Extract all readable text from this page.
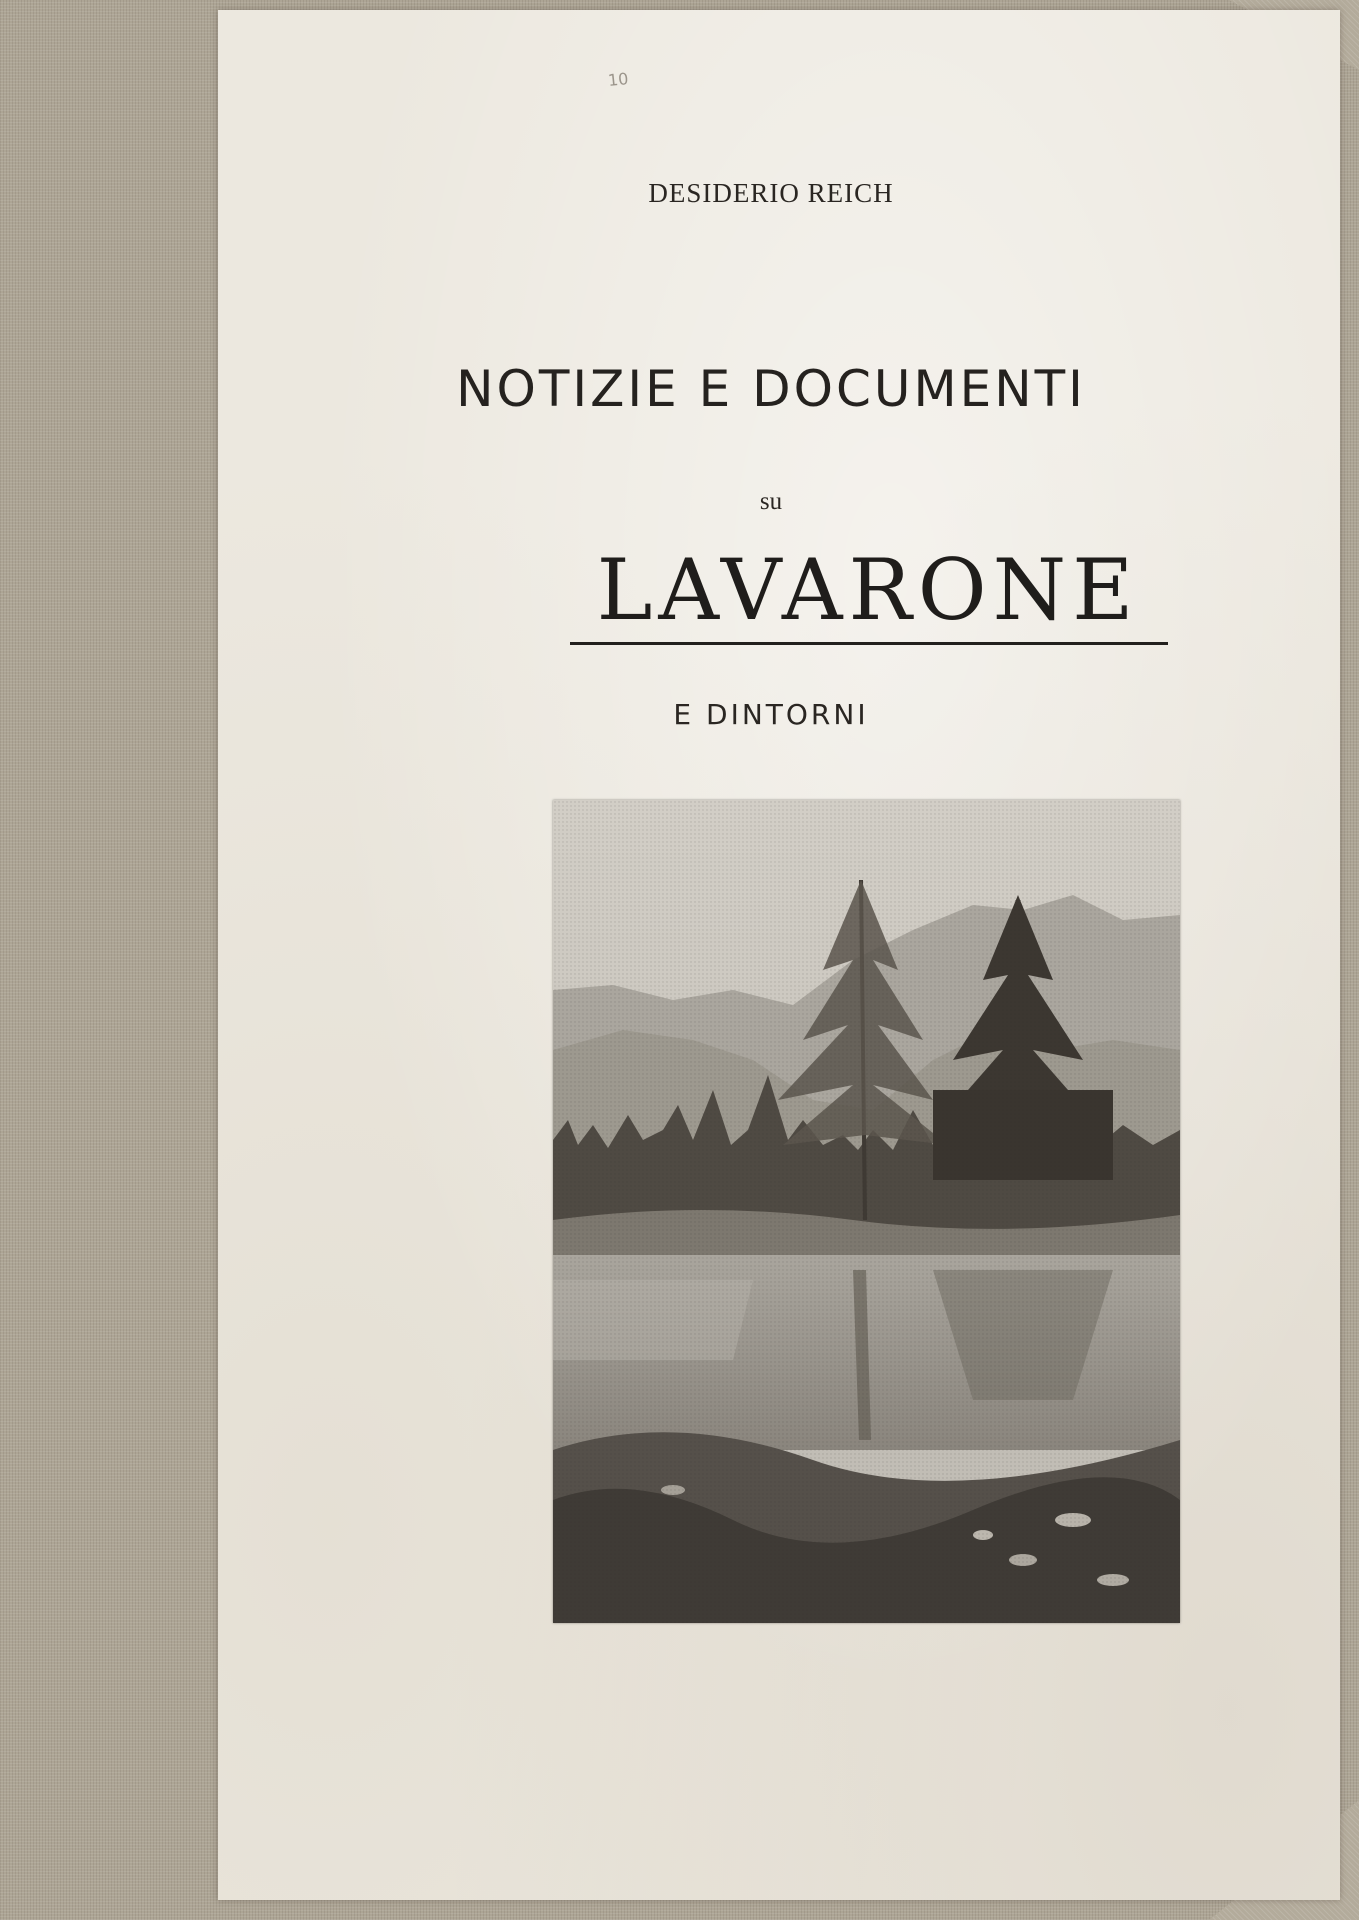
10
DESIDERIO REICH
NOTIZIE E DOCUMENTI
su
LAVARONE
E DINTORNI
